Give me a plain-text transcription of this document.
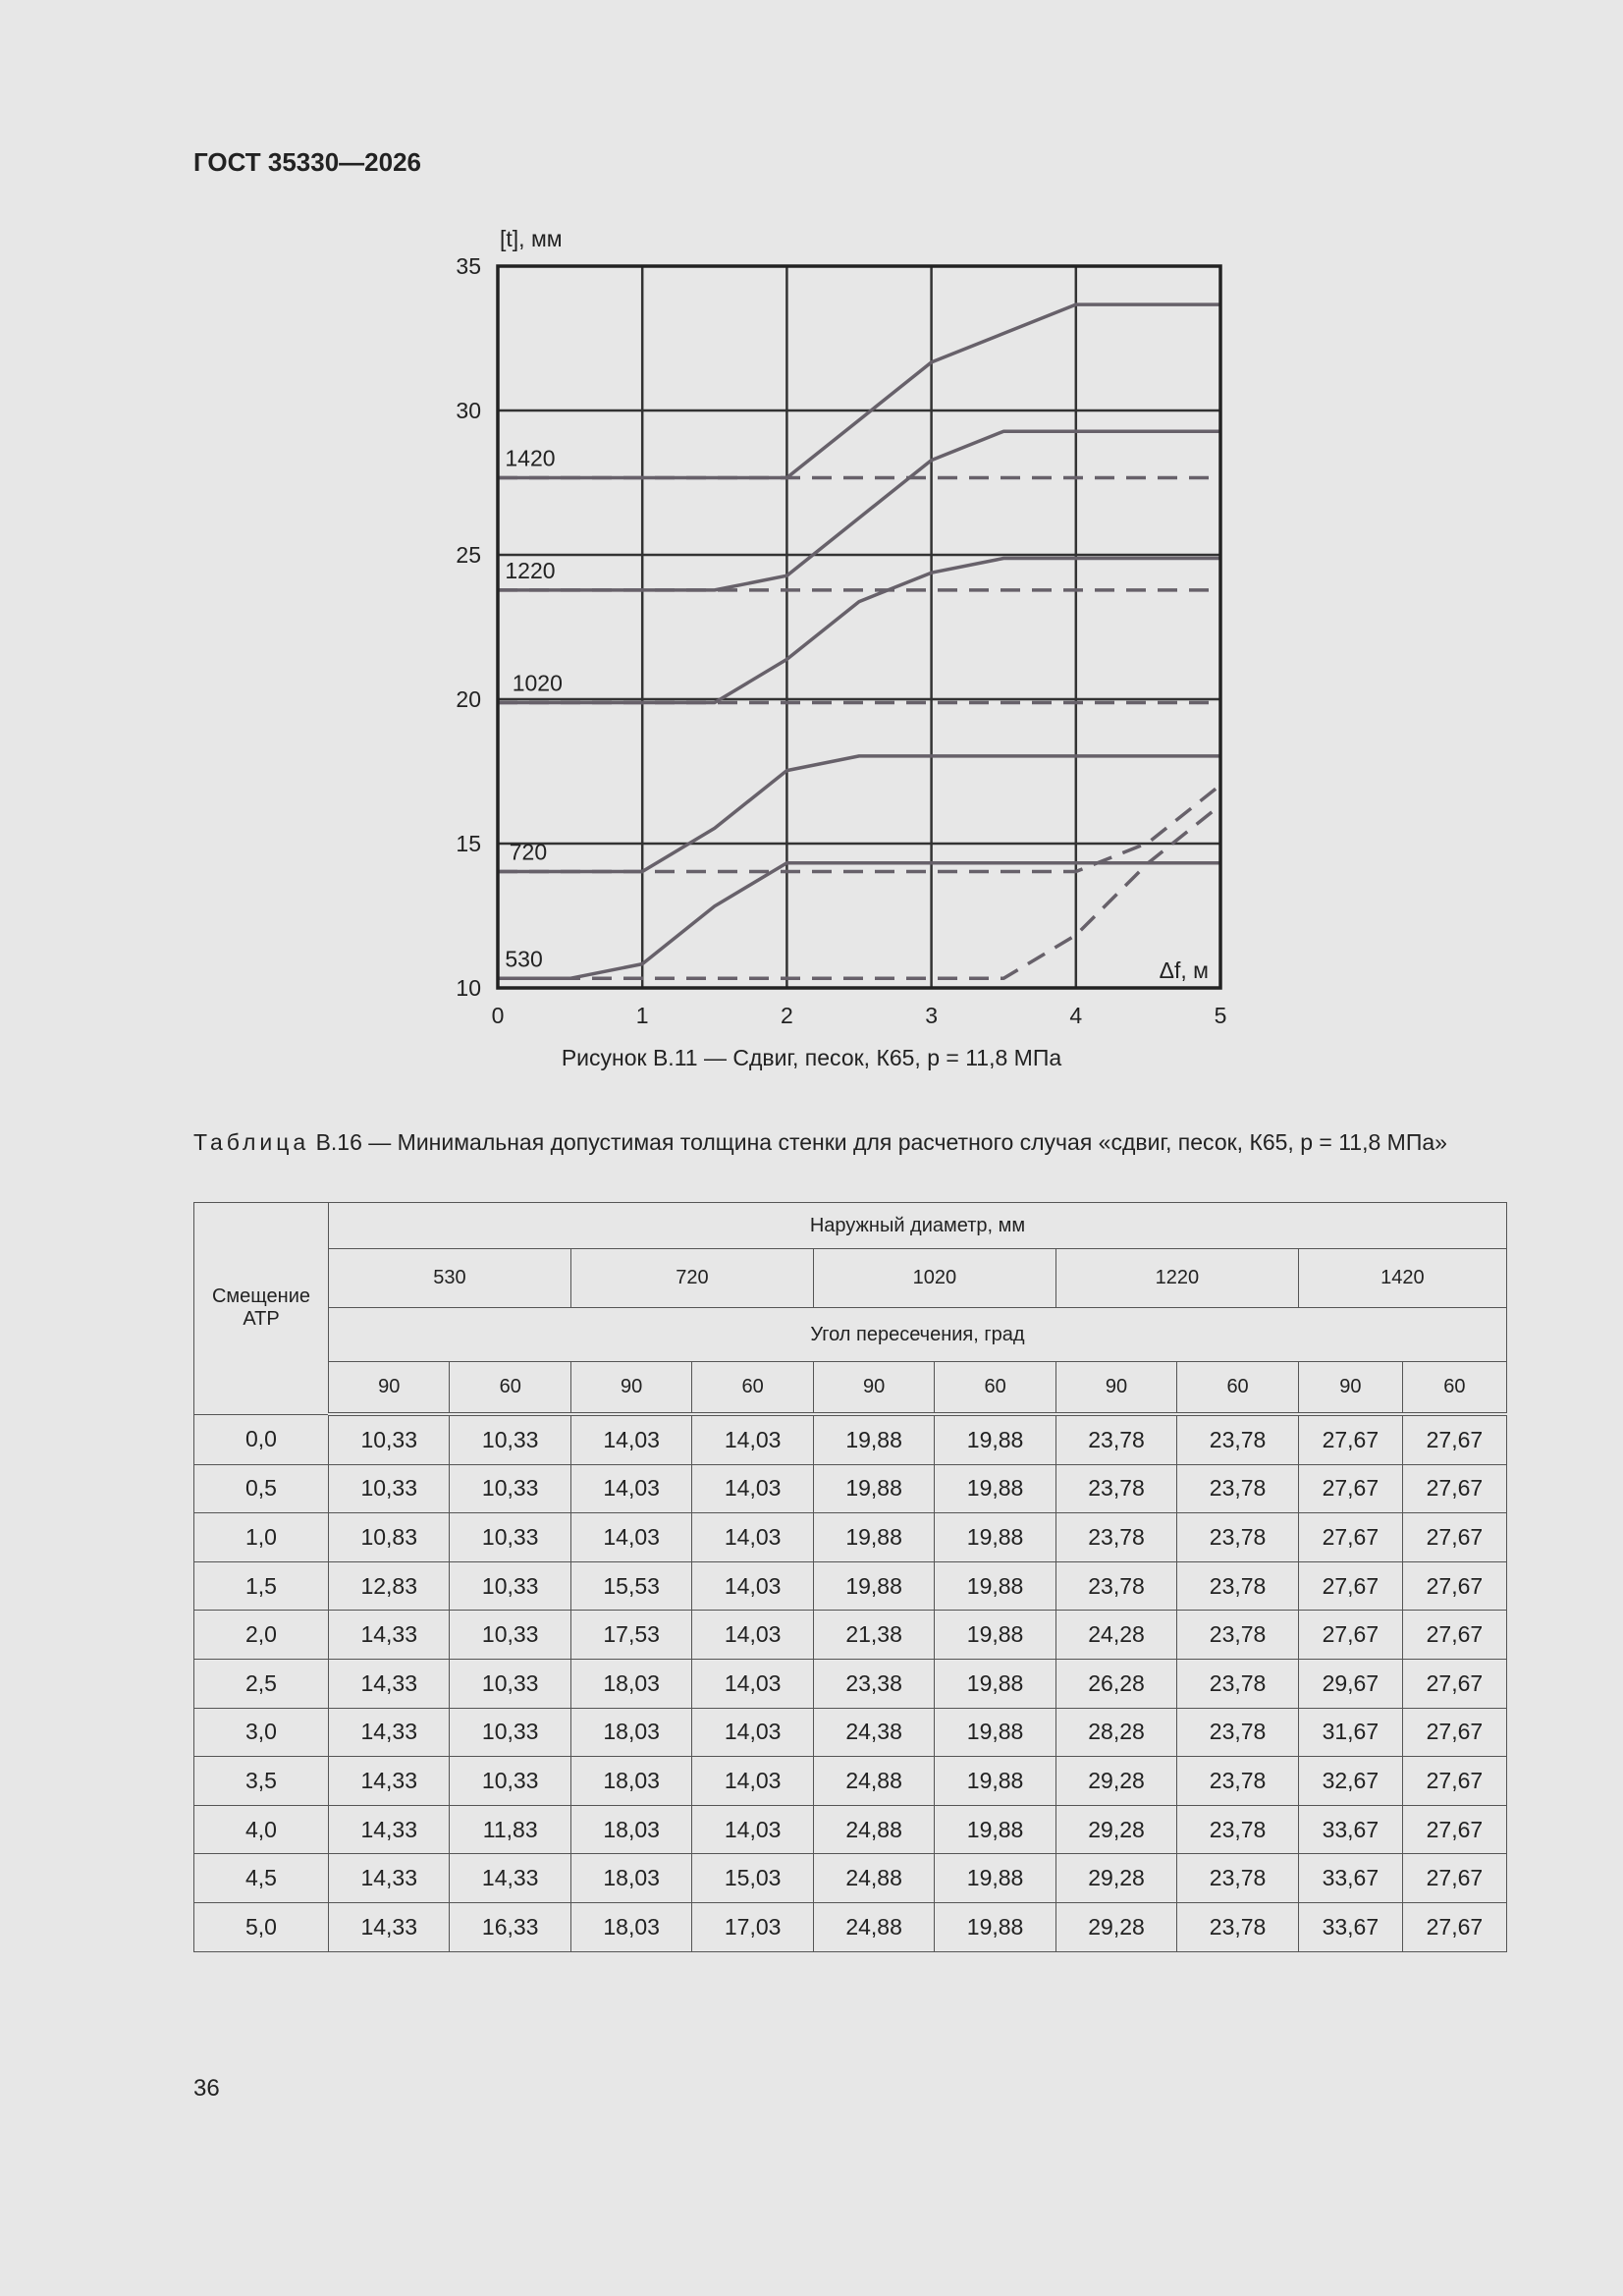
ГОСТ 35330—2026
0	1	2	3	4	5
10
15
20
25
30
35
[t], мм
Δf, м
1420
1220
1020
720
530
Рисунок В.11 — Сдвиг, песок, К65, p = 11,8 МПа
Таблица В.16 — Минимальная допустимая толщина стенки для расчетного случая «сдвиг, песок, К65, p = 11,8 МПа»
Смещение АТР	Наружный диаметр, мм									
	530		720		1020		1220		1420	
	Угол пересечения, град									
	90	60	90	60	90	60	90	60	90	60
0,0	10,33	10,33	14,03	14,03	19,88	19,88	23,78	23,78	27,67	27,67
0,5	10,33	10,33	14,03	14,03	19,88	19,88	23,78	23,78	27,67	27,67
1,0	10,83	10,33	14,03	14,03	19,88	19,88	23,78	23,78	27,67	27,67
1,5	12,83	10,33	15,53	14,03	19,88	19,88	23,78	23,78	27,67	27,67
2,0	14,33	10,33	17,53	14,03	21,38	19,88	24,28	23,78	27,67	27,67
2,5	14,33	10,33	18,03	14,03	23,38	19,88	26,28	23,78	29,67	27,67
3,0	14,33	10,33	18,03	14,03	24,38	19,88	28,28	23,78	31,67	27,67
3,5	14,33	10,33	18,03	14,03	24,88	19,88	29,28	23,78	32,67	27,67
4,0	14,33	11,83	18,03	14,03	24,88	19,88	29,28	23,78	33,67	27,67
4,5	14,33	14,33	18,03	15,03	24,88	19,88	29,28	23,78	33,67	27,67
5,0	14,33	16,33	18,03	17,03	24,88	19,88	29,28	23,78	33,67	27,67
36
